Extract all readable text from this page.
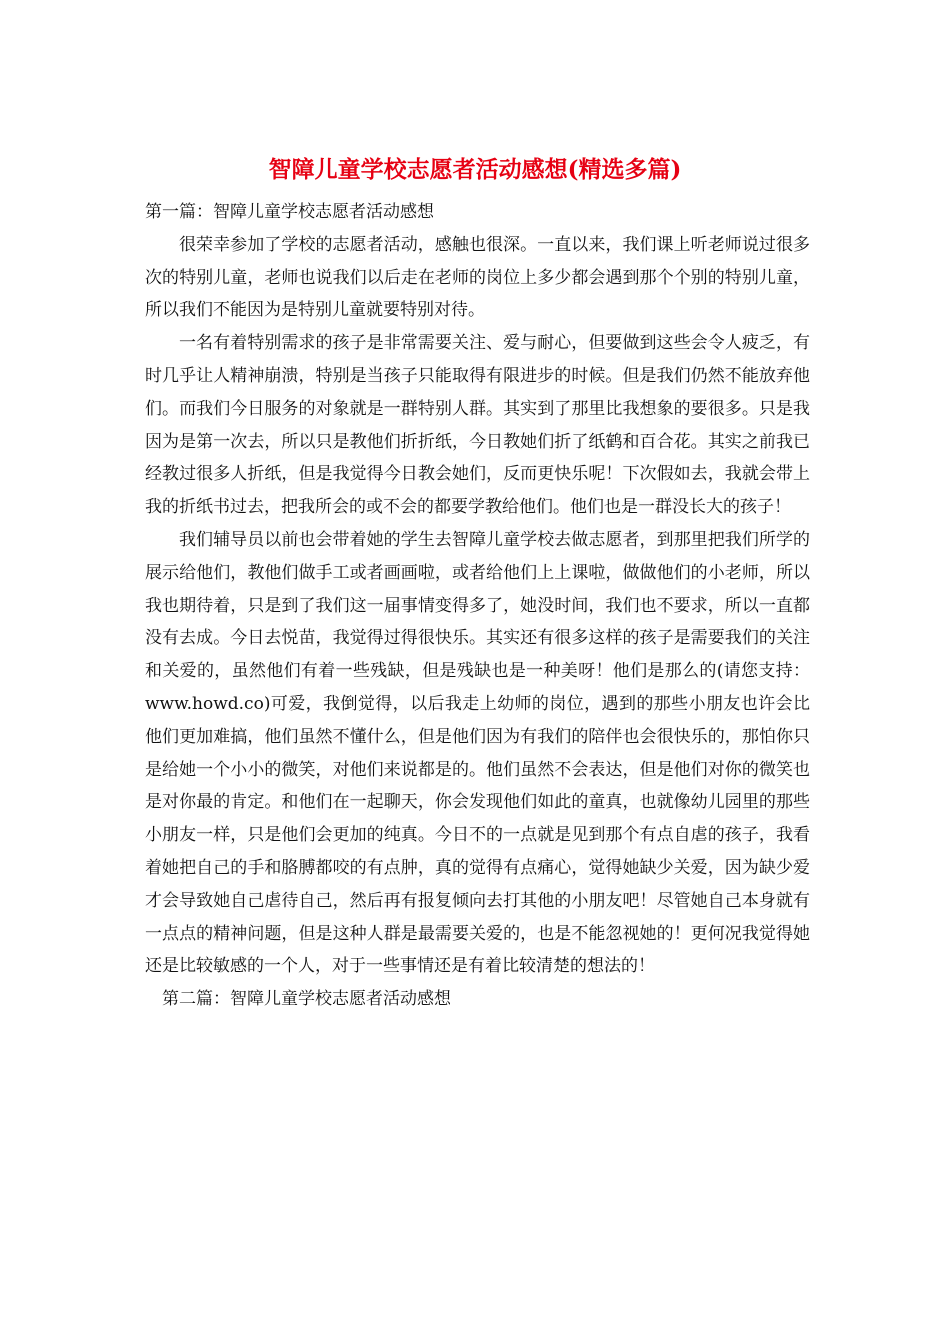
智障儿童学校志愿者活动感想(精选多篇)
第一篇：智障儿童学校志愿者活动感想

很荣幸参加了学校的志愿者活动，感触也很深。一直以来，我们课上听老师说过很多次的特别儿童，老师也说我们以后走在老师的岗位上多少都会遇到那个个别的特别儿童，所以我们不能因为是特别儿童就要特别对待。

一名有着特别需求的孩子是非常需要关注、爱与耐心，但要做到这些会令人疲乏，有时几乎让人精神崩溃，特别是当孩子只能取得有限进步的时候。但是我们仍然不能放弃他们。而我们今日服务的对象就是一群特别人群。其实到了那里比我想象的要很多。只是我因为是第一次去，所以只是教他们折折纸，今日教她们折了纸鹤和百合花。其实之前我已经教过很多人折纸，但是我觉得今日教会她们，反而更快乐呢！下次假如去，我就会带上我的折纸书过去，把我所会的或不会的都要学教给他们。他们也是一群没长大的孩子！

我们辅导员以前也会带着她的学生去智障儿童学校去做志愿者，到那里把我们所学的展示给他们，教他们做手工或者画画啦，或者给他们上上课啦，做做他们的小老师，所以我也期待着，只是到了我们这一届事情变得多了，她没时间，我们也不要求，所以一直都没有去成。今日去悦苗，我觉得过得很快乐。其实还有很多这样的孩子是需要我们的关注和关爱的，虽然他们有着一些残缺，但是残缺也是一种美呀！他们是那么的(请您支持：www.howd.co)可爱，我倒觉得，以后我走上幼师的岗位，遇到的那些小朋友也许会比他们更加难搞，他们虽然不懂什么，但是他们因为有我们的陪伴也会很快乐的，那怕你只是给她一个小小的微笑，对他们来说都是的。他们虽然不会表达，但是他们对你的微笑也是对你最的肯定。和他们在一起聊天，你会发现他们如此的童真，也就像幼儿园里的那些小朋友一样，只是他们会更加的纯真。今日不的一点就是见到那个有点自虐的孩子，我看着她把自己的手和胳膊都咬的有点肿，真的觉得有点痛心，觉得她缺少关爱，因为缺少爱才会导致她自己虐待自己，然后再有报复倾向去打其他的小朋友吧！尽管她自己本身就有一点点的精神问题，但是这种人群是最需要关爱的，也是不能忽视她的！更何况我觉得她还是比较敏感的一个人，对于一些事情还是有着比较清楚的想法的！

第二篇：智障儿童学校志愿者活动感想
